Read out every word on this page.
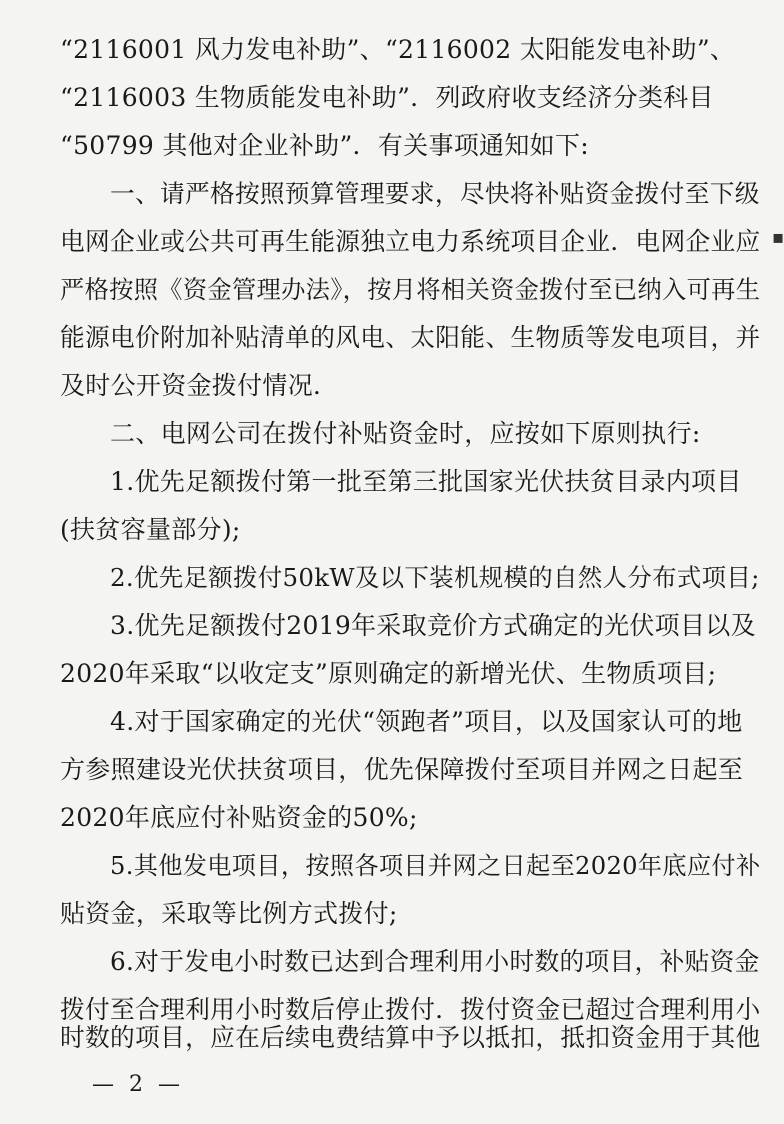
“2116001 风力发电补助”、“2116002 太阳能发电补助”、
“2116003 生物质能发电补助”．列政府收支经济分类科目
“50799 其他对企业补助”．有关事项通知如下:
一、请严格按照预算管理要求，尽快将补贴资金拨付至下级
电网企业或公共可再生能源独立电力系统项目企业．电网企业应
严格按照《资金管理办法》，按月将相关资金拨付至已纳入可再生
能源电价附加补贴清单的风电、太阳能、生物质等发电项目，并
及时公开资金拨付情况．
二、电网公司在拨付补贴资金时，应按如下原则执行:
1.优先足额拨付第一批至第三批国家光伏扶贫目录内项目
(扶贫容量部分);
2.优先足额拨付50kW及以下装机规模的自然人分布式项目;
3.优先足额拨付2019年采取竞价方式确定的光伏项目以及
2020年采取“以收定支”原则确定的新增光伏、生物质项目;
4.对于国家确定的光伏“领跑者”项目，以及国家认可的地
方参照建设光伏扶贫项目，优先保障拨付至项目并网之日起至
2020年底应付补贴资金的50%;
5.其他发电项目，按照各项目并网之日起至2020年底应付补
贴资金，采取等比例方式拨付;
6.对于发电小时数已达到合理利用小时数的项目，补贴资金
拨付至合理利用小时数后停止拨付．拨付资金已超过合理利用小
时数的项目，应在后续电费结算中予以抵扣，抵扣资金用于其他
▪
— 2 —
